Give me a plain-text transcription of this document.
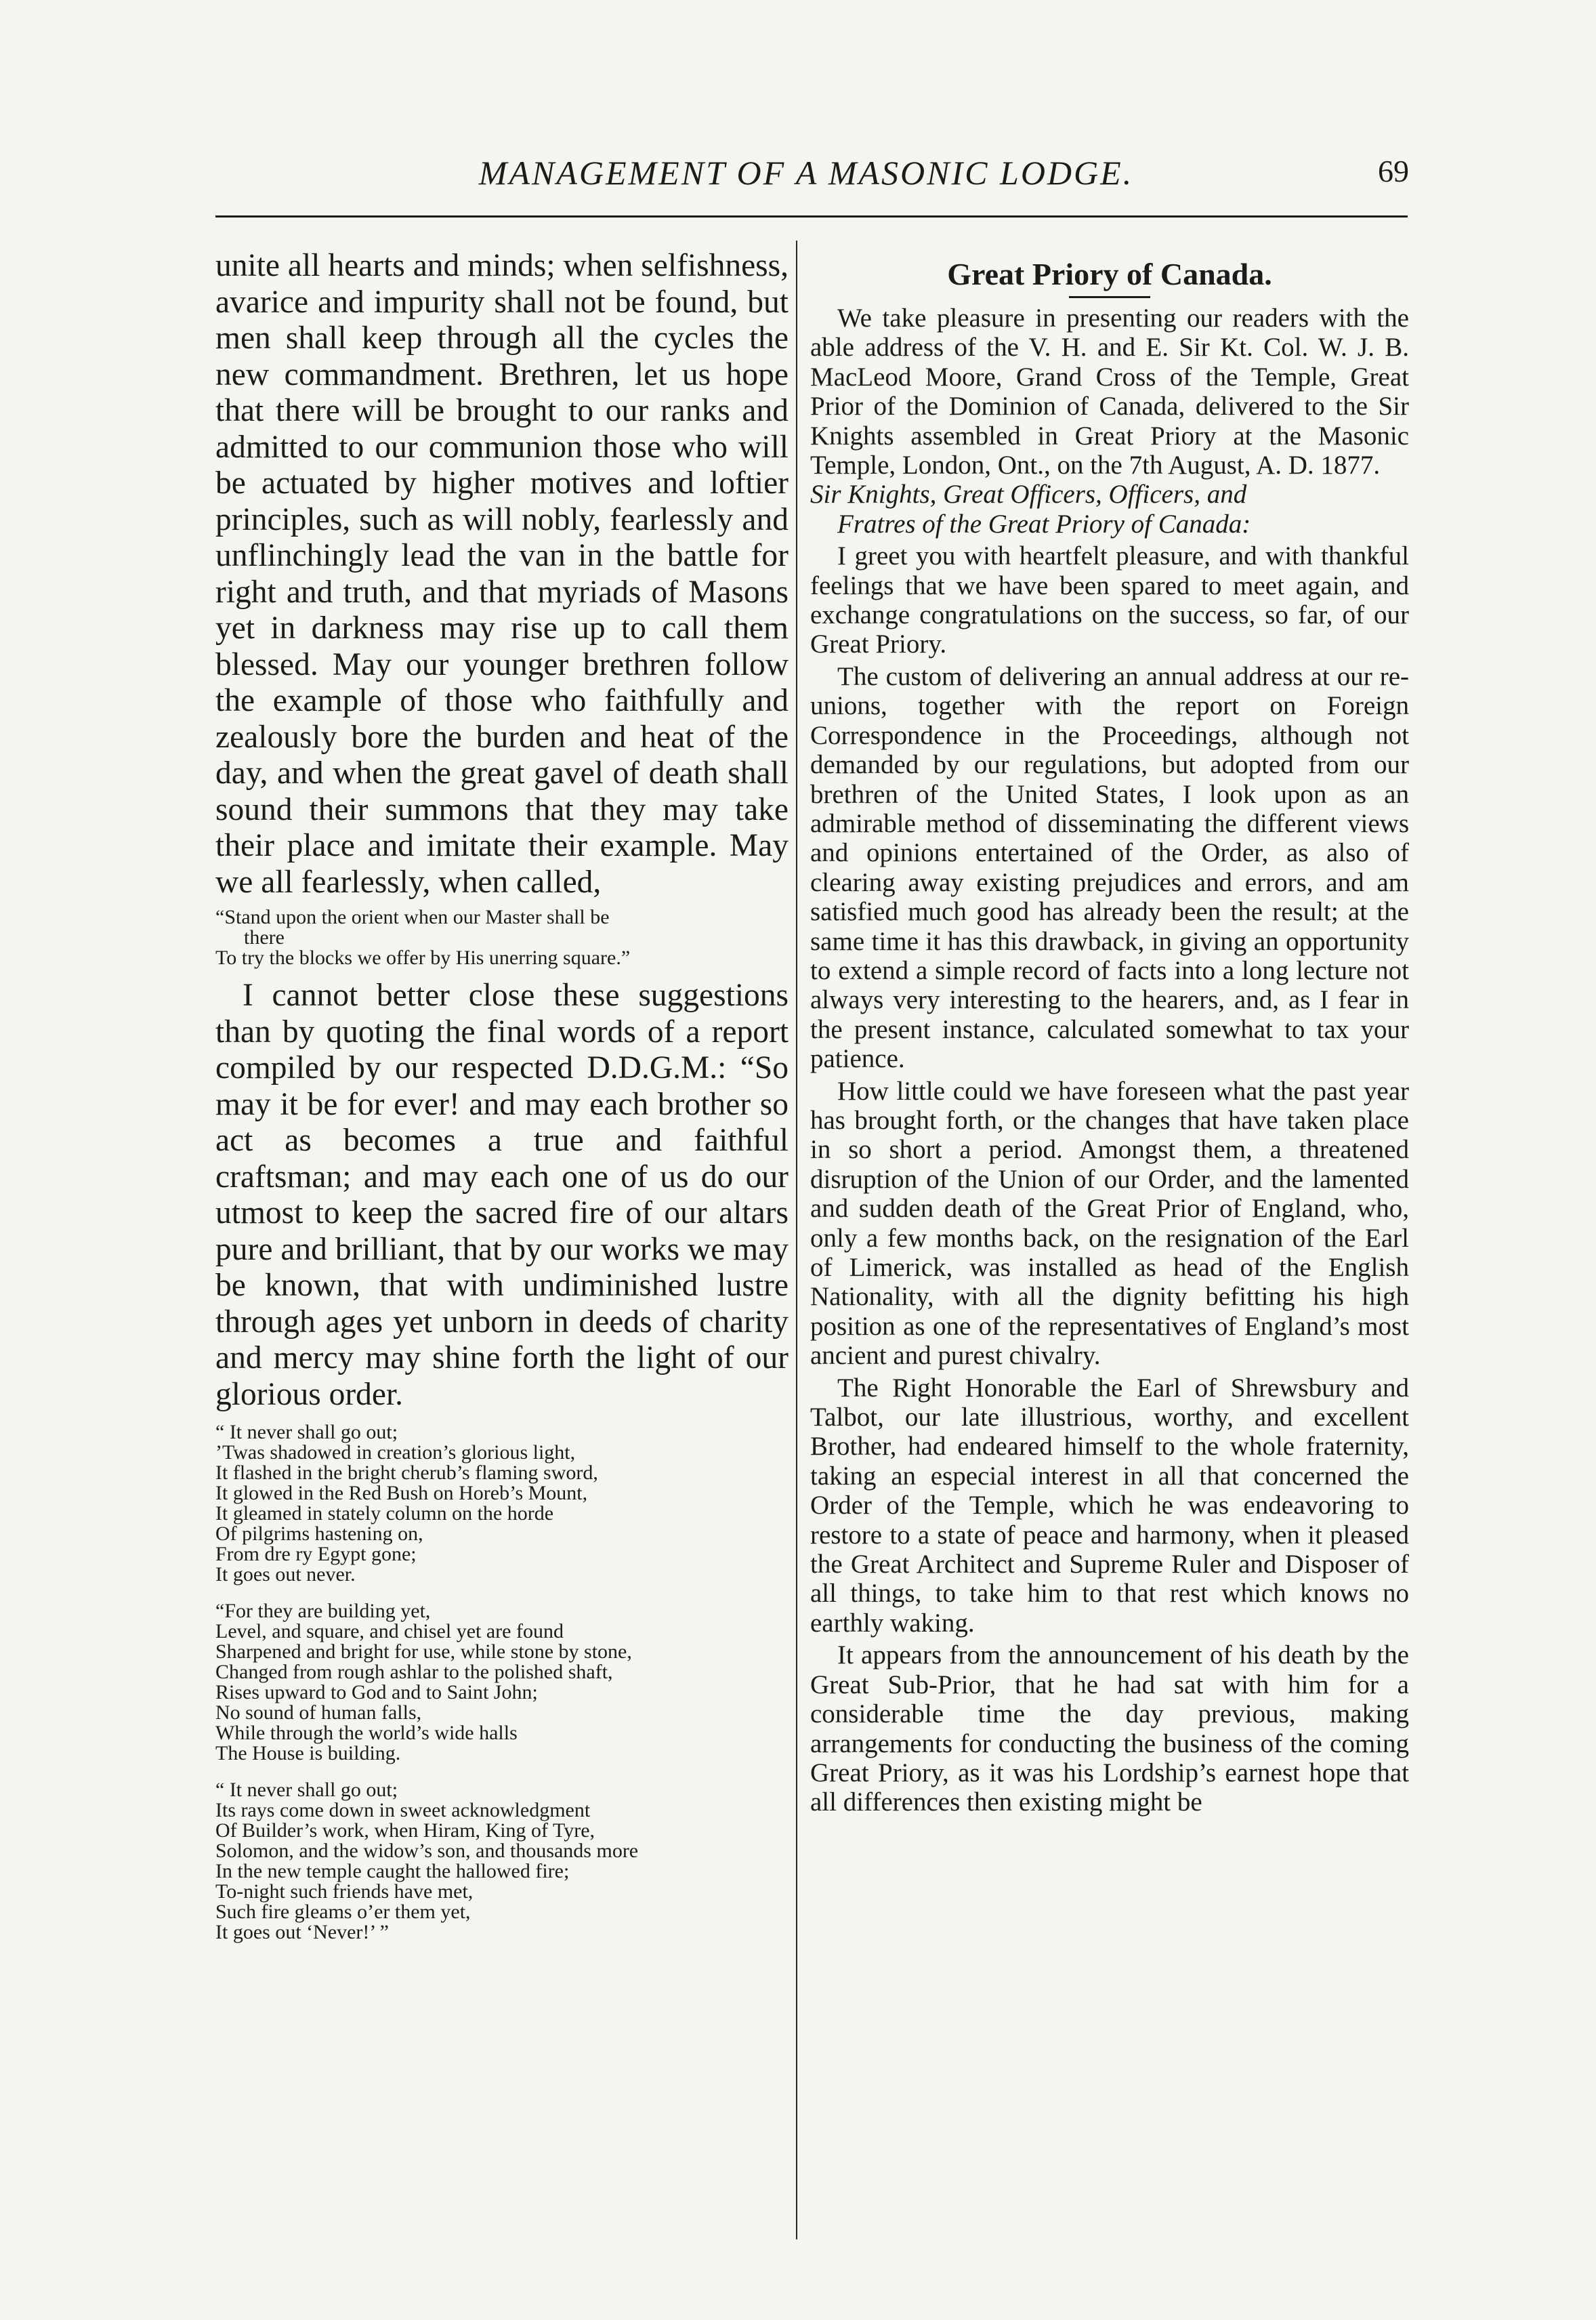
MANAGEMENT OF A MASONIC LODGE.	69

unite all hearts and minds; when selfishness, avarice and impurity shall not be found, but men shall keep through all the cycles the new commandment. Brethren, let us hope that there will be brought to our ranks and admitted to our communion those who will be actuated by higher motives and loftier principles, such as will nobly, fearlessly and unflinchingly lead the van in the battle for right and truth, and that myriads of Masons yet in darkness may rise up to call them blessed. May our younger brethren follow the example of those who faithfully and zealously bore the burden and heat of the day, and when the great gavel of death shall sound their summons that they may take their place and imitate their example. May we all fearlessly, when called,

“Stand upon the orient when our Master shall be
there
To try the blocks we offer by His unerring square.”

I cannot better close these suggestions than by quoting the final words of a report compiled by our respected D.D.G.M.: “So may it be for ever! and may each brother so act as becomes a true and faithful craftsman; and may each one of us do our utmost to keep the sacred fire of our altars pure and brilliant, that by our works we may be known, that with undiminished lustre through ages yet unborn in deeds of charity and mercy may shine forth the light of our glorious order.

“ It never shall go out;
’Twas shadowed in creation’s glorious light,
It flashed in the bright cherub’s flaming sword,
It glowed in the Red Bush on Horeb’s Mount,
It gleamed in stately column on the horde
Of pilgrims hastening on,
From dre ry Egypt gone;
It goes out never.
“For they are building yet,
Level, and square, and chisel yet are found
Sharpened and bright for use, while stone by stone,
Changed from rough ashlar to the polished shaft,
Rises upward to God and to Saint John;
No sound of human falls,
While through the world’s wide halls
The House is building.
“ It never shall go out;
Its rays come down in sweet acknowledgment
Of Builder’s work, when Hiram, King of Tyre,
Solomon, and the widow’s son, and thousands more
In the new temple caught the hallowed fire;
To-night such friends have met,
Such fire gleams o’er them yet,
It goes out ‘Never!’ ”

Great Priory of Canada.

We take pleasure in presenting our readers with the able address of the V. H. and E. Sir Kt. Col. W. J. B. MacLeod Moore, Grand Cross of the Temple, Great Prior of the Dominion of Canada, delivered to the Sir Knights assembled in Great Priory at the Masonic Temple, London, Ont., on the 7th August, A. D. 1877.

Sir Knights, Great Officers, Officers, and

Fratres of the Great Priory of Canada:

I greet you with heartfelt pleasure, and with thankful feelings that we have been spared to meet again, and exchange congratulations on the success, so far, of our Great Priory.

The custom of delivering an annual address at our re-unions, together with the report on Foreign Correspondence in the Proceedings, although not demanded by our regulations, but adopted from our brethren of the United States, I look upon as an admirable method of disseminating the different views and opinions entertained of the Order, as also of clearing away existing prejudices and errors, and am satisfied much good has already been the result; at the same time it has this drawback, in giving an opportunity to extend a simple record of facts into a long lecture not always very interesting to the hearers, and, as I fear in the present instance, calculated somewhat to tax your patience.

How little could we have foreseen what the past year has brought forth, or the changes that have taken place in so short a period. Amongst them, a threatened disruption of the Union of our Order, and the lamented and sudden death of the Great Prior of England, who, only a few months back, on the resignation of the Earl of Limerick, was installed as head of the English Nationality, with all the dignity befitting his high position as one of the representatives of England’s most ancient and purest chivalry.

The Right Honorable the Earl of Shrewsbury and Talbot, our late illustrious, worthy, and excellent Brother, had endeared himself to the whole fraternity, taking an especial interest in all that concerned the Order of the Temple, which he was endeavoring to restore to a state of peace and harmony, when it pleased the Great Architect and Supreme Ruler and Disposer of all things, to take him to that rest which knows no earthly waking.

It appears from the announcement of his death by the Great Sub-Prior, that he had sat with him for a considerable time the day previous, making arrangements for conducting the business of the coming Great Priory, as it was his Lordship’s earnest hope that all differences then existing might be
